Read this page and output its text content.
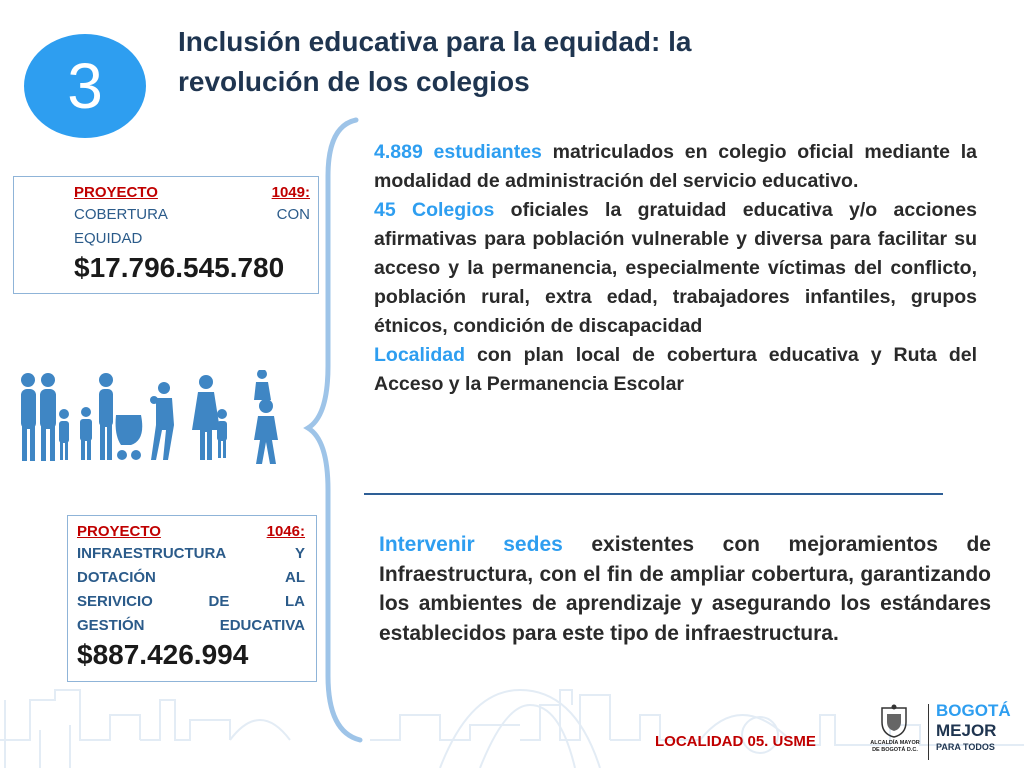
3
Inclusión educativa para la equidad: la
revolución de los colegios
PROYECTO	1049:
COBERTURA	CON
EQUIDAD
$17.796.545.780
PROYECTO	1046:
INFRAESTRUCTURA	Y
DOTACIÓN	AL
SERIVICIO	DE	LA
GESTIÓN	EDUCATIVA
$887.426.994

4.889 estudiantes matriculados en colegio oficial mediante la modalidad de administración del servicio educativo.

45 Colegios oficiales la gratuidad educativa y/o acciones afirmativas para población vulnerable y diversa para facilitar su acceso y la permanencia, especialmente víctimas del conflicto, población rural, extra edad, trabajadores infantiles, grupos étnicos, condición de discapacidad

Localidad con plan local de cobertura educativa y Ruta del Acceso y la Permanencia Escolar

Intervenir sedes existentes con mejoramientos de Infraestructura, con el fin de ampliar cobertura, garantizando los ambientes de aprendizaje y asegurando los estándares establecidos para este tipo de infraestructura.
LOCALIDAD 05. USME	ALCALDÍA MAYOR
DE BOGOTÁ D.C.
BOGOTÁ
MEJOR
PARA TODOS
